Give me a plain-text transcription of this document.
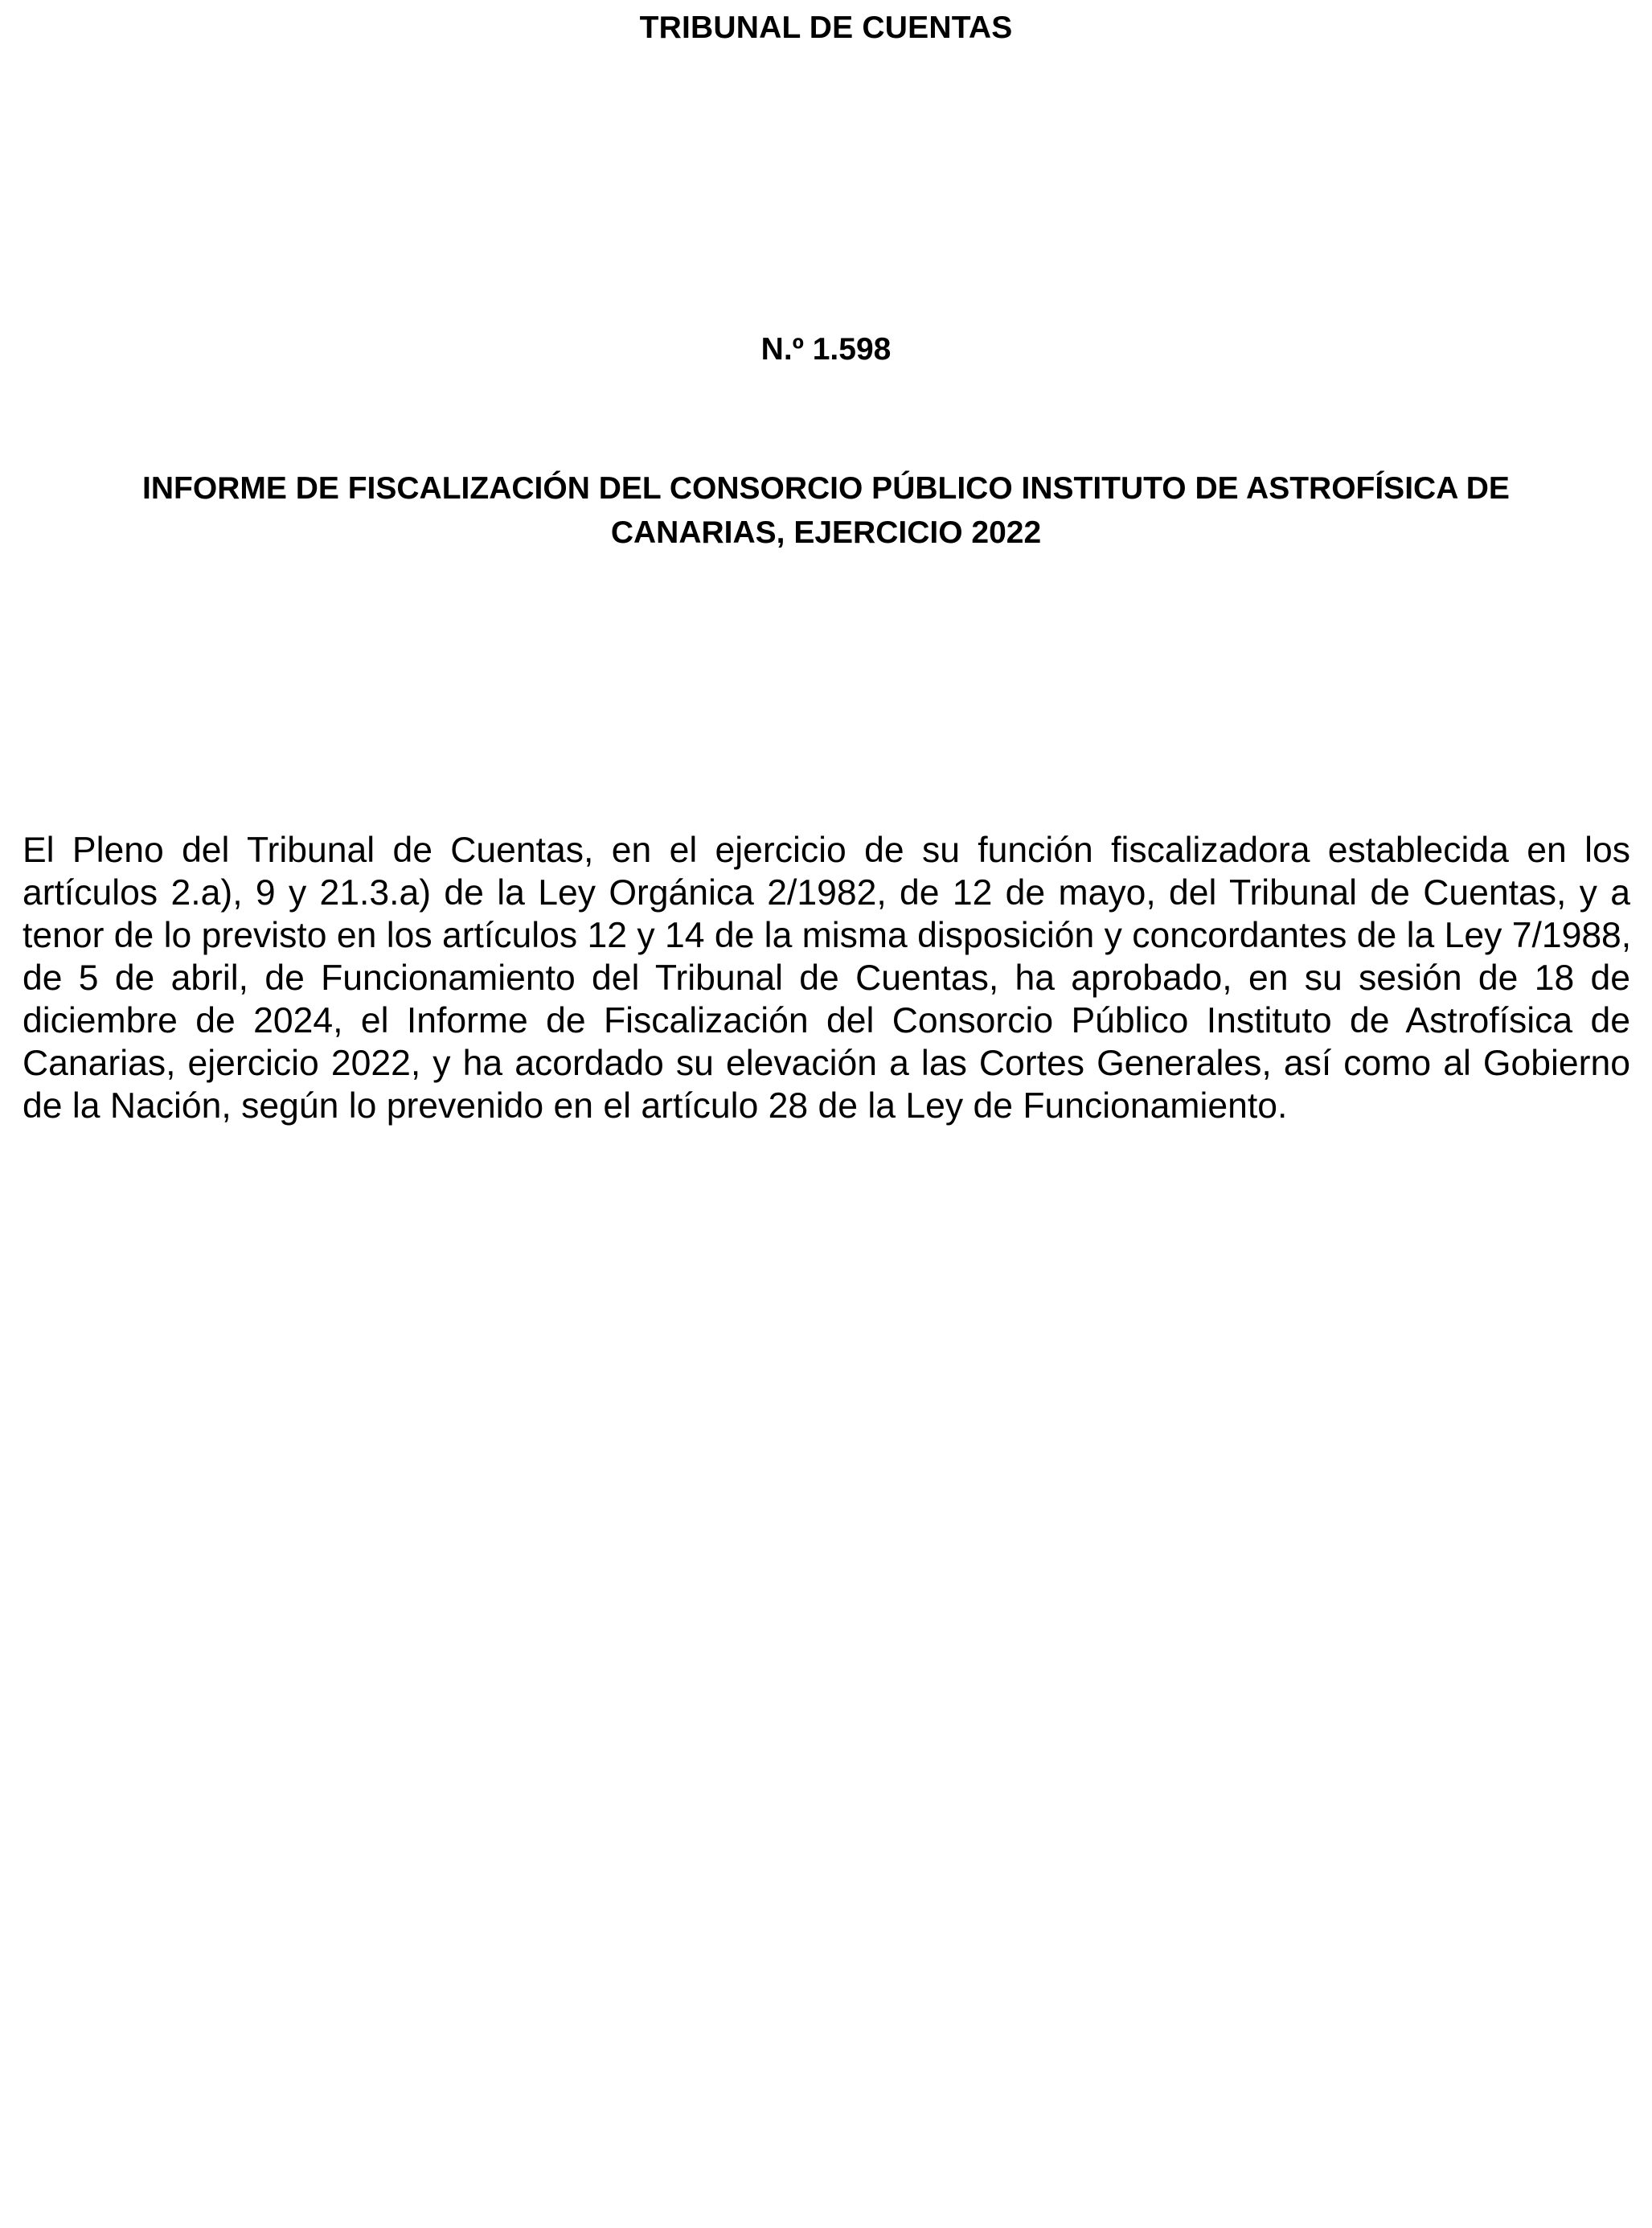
TRIBUNAL DE CUENTAS
N.º 1.598
INFORME DE FISCALIZACIÓN DEL CONSORCIO PÚBLICO INSTITUTO DE ASTROFÍSICA DE
CANARIAS, EJERCICIO 2022

El Pleno del Tribunal de Cuentas, en el ejercicio de su función fiscalizadora establecida en los
artículos 2.a), 9 y 21.3.a) de la Ley Orgánica 2/1982, de 12 de mayo, del Tribunal de Cuentas, y a
tenor de lo previsto en los artículos 12 y 14 de la misma disposición y concordantes de la Ley 7/1988,
de 5 de abril, de Funcionamiento del Tribunal de Cuentas, ha aprobado, en su sesión de 18 de
diciembre de 2024, el Informe de Fiscalización del Consorcio Público Instituto de Astrofísica de
Canarias, ejercicio 2022, y ha acordado su elevación a las Cortes Generales, así como al Gobierno
de la Nación, según lo prevenido en el artículo 28 de la Ley de Funcionamiento.
